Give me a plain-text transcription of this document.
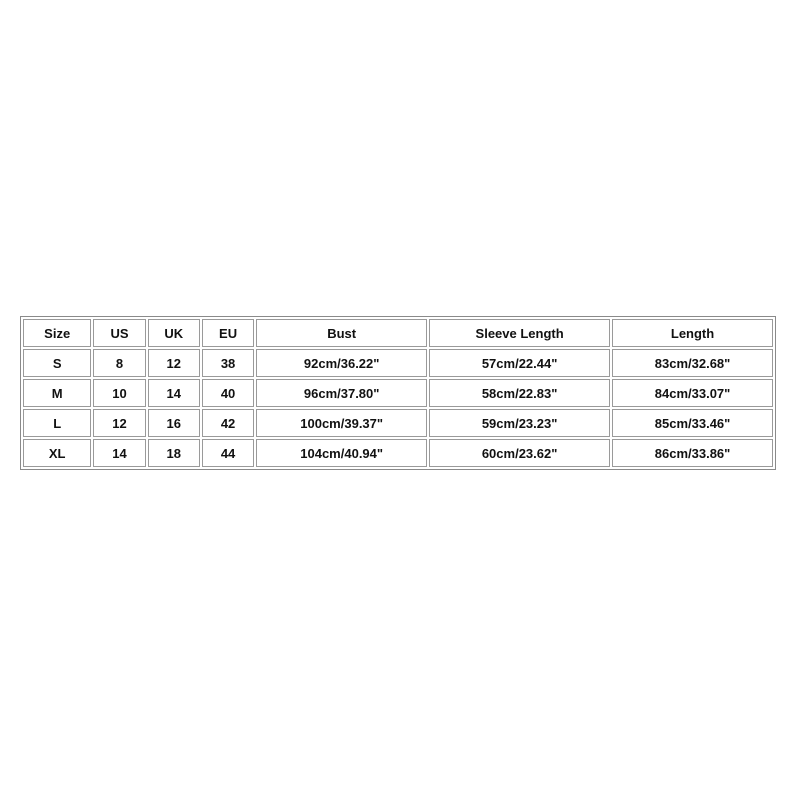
Size	US	UK	EU	Bust	Sleeve Length	Length
S	8	12	38	92cm/36.22"	57cm/22.44"	83cm/32.68"
M	10	14	40	96cm/37.80"	58cm/22.83"	84cm/33.07"
L	12	16	42	100cm/39.37"	59cm/23.23"	85cm/33.46"
XL	14	18	44	104cm/40.94"	60cm/23.62"	86cm/33.86"
